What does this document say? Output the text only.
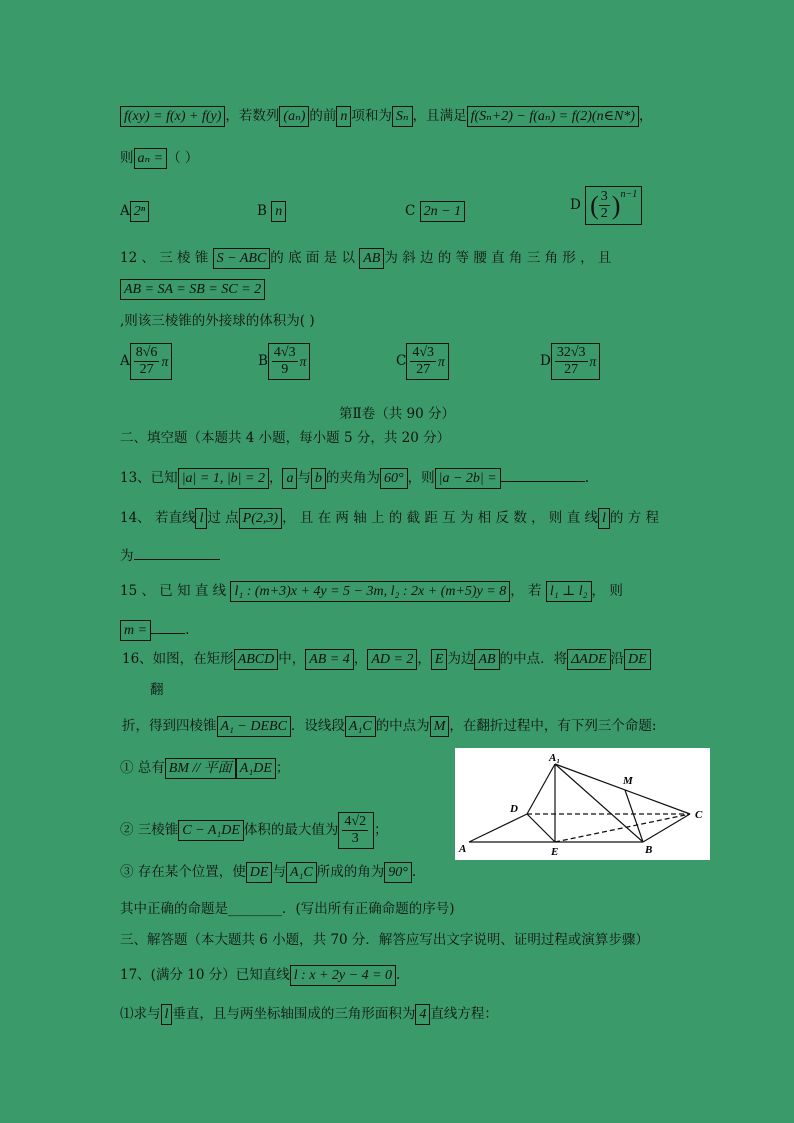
f(xy) = f(x) + f(y) ，若数列 (aₙ) 的前 n 项和为 Sₙ ，且满足 f(Sₙ+2) − f(aₙ) = f(2)(n∈N*) ，
则 aₙ = （ ）
A 2ⁿ	B n	C 2n − 1	D ( $\frac{3}{2} )^{n-1}$
12 、 三 棱 锥 S − ABC 的 底 面 是 以 AB 为 斜 边 的 等 腰 直 角 三 角 形 ， 且
AB = SA = SB = SC = 2
,则该三棱锥的外接球的体积为( )
A $\frac{8√6}{27}$ π	B $\frac{4√3}{9}$ π	C $\frac{4√3}{27}$ π	D $\frac{32√3}{27}$ π
第Ⅱ卷（共 90 分）
二、填空题（本题共 4 小题，每小题 5 分，共 20 分）
13、已知 |a| = 1, |b| = 2 ， a 与 b 的夹角为 60° ，则 |a − 2b| =	.
14、 若直线 l 过 点 P(2,3) ， 且 在 两 轴 上 的 截 距 互 为 相 反 数 ， 则 直 线 l 的 方 程
为
15 、 已 知 直 线 l₁ : (m+3)x + 4y = 5 − 3m, l₂ : 2x + (m+5)y = 8 ， 若 l₁ ⊥ l₂ ， 则
m =	.
16、如图，在矩形 ABCD 中， AB = 4 ， AD = 2 ， E 为边 AB 的中点．将 ΔADE 沿 DE
翻
折，得到四棱锥 A₁ − DEBC ．设线段 A₁C 的中点为 M ，在翻折过程中，有下列三个命题:
① 总有 BM // 平面 A₁DE ；
② 三棱锥 C − A₁DE 体积的最大值为 $\frac{4√2}{3}$ ；
③ 存在某个位置，使 DE 与 A₁C 所成的角为 90° .
其中正确的命题是________．(写出所有正确命题的序号)
A₁
M
D	C
A	E	B
三、解答题（本大题共 6 小题，共 70 分．解答应写出文字说明、证明过程或演算步骤）
17、(满分 10 分）已知直线 l : x + 2y − 4 = 0 .
⑴求与 l 垂直，且与两坐标轴围成的三角形面积为 4 直线方程：
